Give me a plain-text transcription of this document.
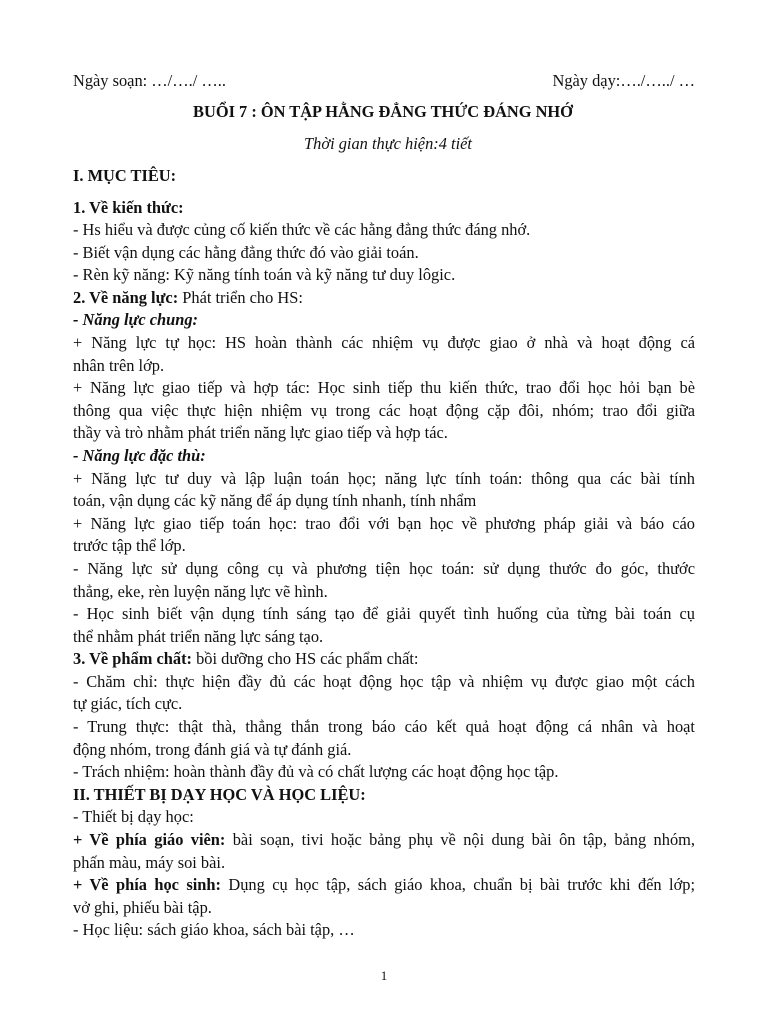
Ngày soạn: …/…./ …..	Ngày dạy:…./…../ …
BUỔI 7 : ÔN TẬP HẰNG ĐẲNG THỨC ĐÁNG NHỚ
Thời gian thực hiện:4 tiết
I. MỤC TIÊU:
1. Về kiến thức:
- Hs hiểu và được củng cố kiến thức về các hằng đẳng thức đáng nhớ.
- Biết vận dụng các hằng đẳng thức đó vào giải toán.
- Rèn kỹ năng: Kỹ năng tính toán và kỹ năng tư duy lôgic.
2. Về năng lực: Phát triển cho HS:
- Năng lực chung:
+ Năng lực tự học: HS hoàn thành các nhiệm vụ được giao ở nhà và hoạt động cá
nhân trên lớp.
+ Năng lực giao tiếp và hợp tác: Học sinh tiếp thu kiến thức, trao đổi học hỏi bạn bè
thông qua việc thực hiện nhiệm vụ trong các hoạt động cặp đôi, nhóm; trao đổi giữa
thầy và trò nhằm phát triển năng lực giao tiếp và hợp tác.
- Năng lực đặc thù:
+ Năng lực tư duy và lập luận toán học; năng lực tính toán: thông qua các bài tính
toán, vận dụng các kỹ năng để áp dụng tính nhanh, tính nhẩm
+ Năng lực giao tiếp toán học: trao đổi với bạn học về phương pháp giải và báo cáo
trước tập thể lớp.
- Năng lực sử dụng công cụ và phương tiện học toán: sử dụng thước đo góc, thước
thẳng, eke, rèn luyện năng lực vẽ hình.
- Học sinh biết vận dụng tính sáng tạo để giải quyết tình huống của từng bài toán cụ
thể nhằm phát triển năng lực sáng tạo.
3. Về phẩm chất: bồi dưỡng cho HS các phẩm chất:
- Chăm chỉ: thực hiện đầy đủ các hoạt động học tập và nhiệm vụ được giao một cách
tự giác, tích cực.
- Trung thực: thật thà, thẳng thắn trong báo cáo kết quả hoạt động cá nhân và hoạt
động nhóm, trong đánh giá và tự đánh giá.
- Trách nhiệm: hoàn thành đầy đủ và có chất lượng các hoạt động học tập.
II. THIẾT BỊ DẠY HỌC VÀ HỌC LIỆU:
- Thiết bị dạy học:
+ Về phía giáo viên: bài soạn, tivi hoặc bảng phụ về nội dung bài ôn tập, bảng nhóm,
phấn màu, máy soi bài.
+ Về phía học sinh: Dụng cụ học tập, sách giáo khoa, chuẩn bị bài trước khi đến lớp;
vở ghi, phiếu bài tập.
- Học liệu: sách giáo khoa, sách bài tập, …
1
